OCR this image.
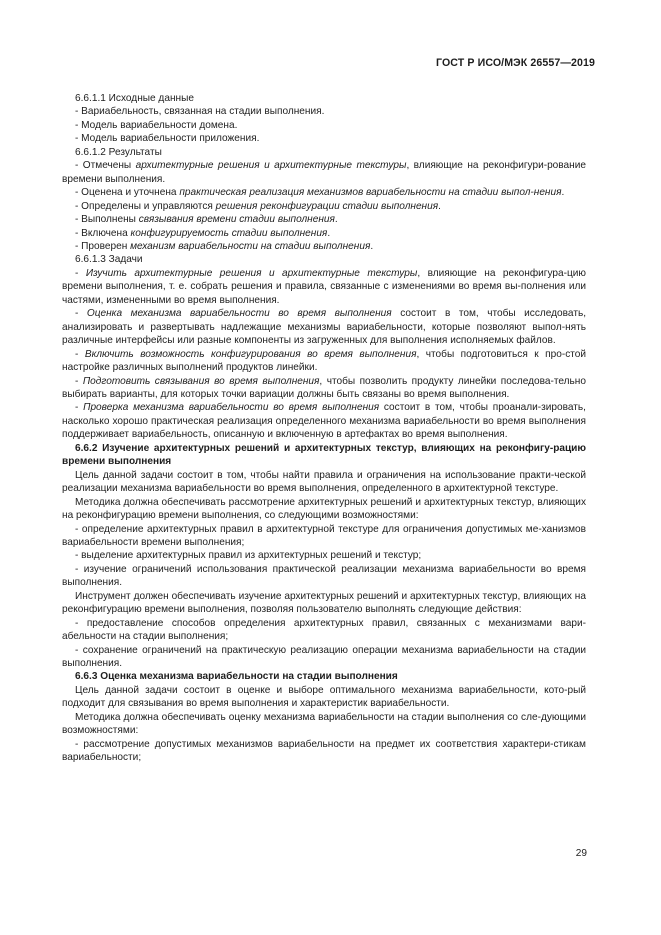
ГОСТ Р ИСО/МЭК 26557—2019

6.6.1.1 Исходные данные

- Вариабельность, связанная на стадии выполнения.

- Модель вариабельности домена.

- Модель вариабельности приложения.

6.6.1.2 Результаты

- Отмечены архитектурные решения и архитектурные текстуры, влияющие на реконфигури-рование времени выполнения.

- Оценена и уточнена практическая реализация механизмов вариабельности на стадии выпол-нения.

- Определены и управляются решения реконфигурации стадии выполнения.

- Выполнены связывания времени стадии выполнения.

- Включена конфигурируемость стадии выполнения.

- Проверен механизм вариабельности на стадии выполнения.

6.6.1.3 Задачи

- Изучить архитектурные решения и архитектурные текстуры, влияющие на реконфигура-цию времени выполнения, т. е. собрать решения и правила, связанные с изменениями во время вы-полнения или частями, измененными во время выполнения.

- Оценка механизма вариабельности во время выполнения состоит в том, чтобы исследовать, анализировать и развертывать надлежащие механизмы вариабельности, которые позволяют выпол-нять различные интерфейсы или разные компоненты из загруженных для выполнения исполняемых файлов.

- Включить возможность конфигурирования во время выполнения, чтобы подготовиться к про-стой настройке различных выполнений продуктов линейки.

- Подготовить связывания во время выполнения, чтобы позволить продукту линейки последова-тельно выбирать варианты, для которых точки вариации должны быть связаны во время выполнения.

- Проверка механизма вариабельности во время выполнения состоит в том, чтобы проанали-зировать, насколько хорошо практическая реализация определенного механизма вариабельности во время выполнения поддерживает вариабельность, описанную и включенную в артефактах во время выполнения.

6.6.2 Изучение архитектурных решений и архитектурных текстур, влияющих на реконфигу-рацию времени выполнения

Цель данной задачи состоит в том, чтобы найти правила и ограничения на использование практи-ческой реализации механизма вариабельности во время выполнения, определенного в архитектурной текстуре.

Методика должна обеспечивать рассмотрение архитектурных решений и архитектурных текстур, влияющих на реконфигурацию времени выполнения, со следующими возможностями:

- определение архитектурных правил в архитектурной текстуре для ограничения допустимых ме-ханизмов вариабельности времени выполнения;

- выделение архитектурных правил из архитектурных решений и текстур;

- изучение ограничений использования практической реализации механизма вариабельности во время выполнения.

Инструмент должен обеспечивать изучение архитектурных решений и архитектурных текстур, влияющих на реконфигурацию времени выполнения, позволяя пользователю выполнять следующие действия:

- предоставление способов определения архитектурных правил, связанных с механизмами вари-абельности на стадии выполнения;

- сохранение ограничений на практическую реализацию операции механизма вариабельности на стадии выполнения.

6.6.3 Оценка механизма вариабельности на стадии выполнения

Цель данной задачи состоит в оценке и выборе оптимального механизма вариабельности, кото-рый подходит для связывания во время выполнения и характеристик вариабельности.

Методика должна обеспечивать оценку механизма вариабельности на стадии выполнения со сле-дующими возможностями:

- рассмотрение допустимых механизмов вариабельности на предмет их соответствия характери-стикам вариабельности;

29
